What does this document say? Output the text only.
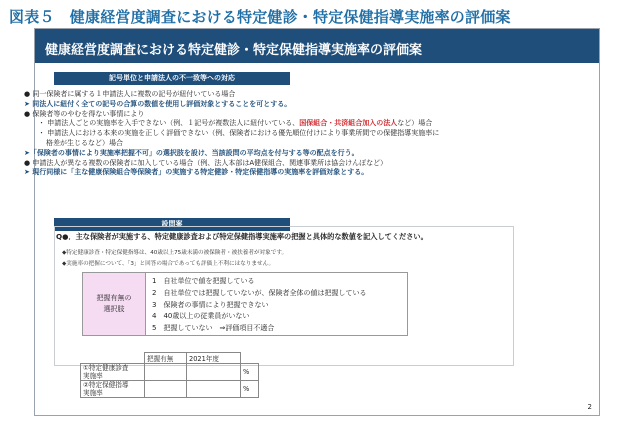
図表５　健康経営度調査における特定健診・特定保健指導実施率の評価案
健康経営度調査における特定健診・特定保健指導実施率の評価案
記号単位と申請法人の不一致等への対応
● 同一保険者に属する１申請法人に複数の記号が紐付いている場合
➤ 同法人に紐付く全ての記号の合算の数値を使用し評価対象とすることを可とする。
● 保険者等のやむを得ない事情により
・ 申請法人ごとの実施率を入手できない（例、１記号が複数法人に紐付いている、国保組合・共済組合加入の法人など）場合
・ 申請法人における本来の実施を正しく評価できない（例、保険者における優先順位付けにより事業所間での保健指導実施率に
格差が生じるなど）場合
➤「保険者の事情により実施率把握不可」の選択肢を設け、当該設問の平均点を付与する等の配点を行う。
● 申請法人が異なる複数の保険者に加入している場合（例、法人本部はA健保組合、関連事業所は協会けんぽなど）
➤ 現行同様に「主な健康保険組合等保険者」の実施する特定健診・特定保健指導の実施率を評価対象とする。
設問案
Q●．主な保険者が実施する、特定健康診査および特定保健指導実施率の把握と具体的な数値を記入してください。
◆特定健康診査・特定保健指導は、40歳以上75歳未満の被保険者・被扶養者が対象です。
◆実施率の把握について、「3」と回答の場合であっても評価上不利にはなりません。
把握有無の
選択肢
1　自社単位で値を把握している
2　自社単位では把握していないが、保険者全体の値は把握している
3　保険者の事情により把握できない
4　40歳以上の従業員がいない
5　把握していない　⇒評価項目不適合
	把握有無	2021年度	
①特定健康診査
実施率			%
②特定保健指導
実施率			%
2
